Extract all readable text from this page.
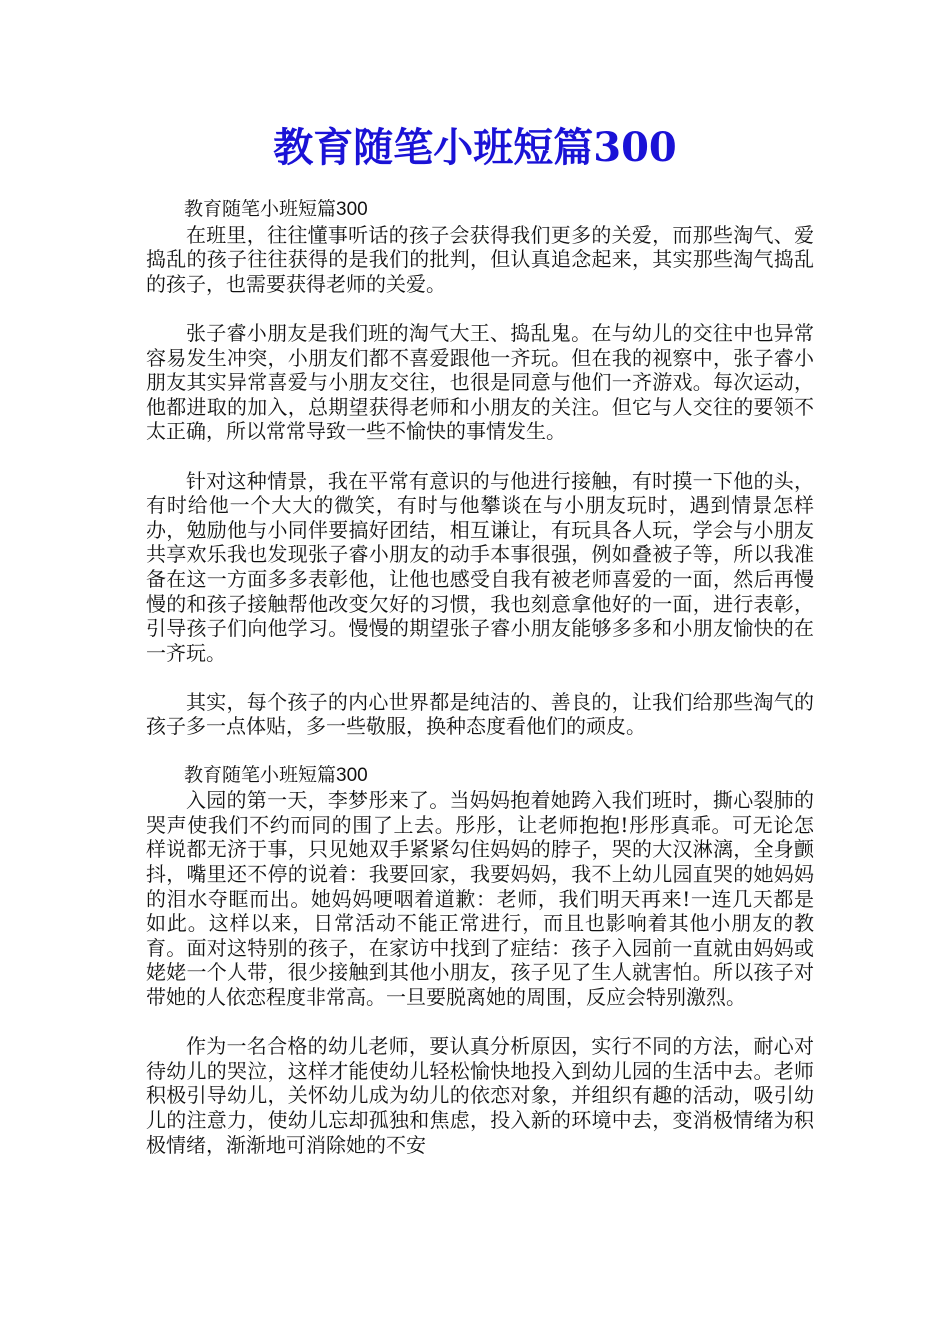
教育随笔小班短篇300
教育随笔小班短篇300

在班里，往往懂事听话的孩子会获得我们更多的关爱，而那些淘气、爱捣乱的孩子往往获得的是我们的批判，但认真追念起来，其实那些淘气捣乱的孩子，也需要获得老师的关爱。

张子睿小朋友是我们班的淘气大王、捣乱鬼。在与幼儿的交往中也异常容易发生冲突，小朋友们都不喜爱跟他一齐玩。但在我的视察中，张子睿小朋友其实异常喜爱与小朋友交往，也很是同意与他们一齐游戏。每次运动，他都进取的加入，总期望获得老师和小朋友的关注。但它与人交往的要领不太正确，所以常常导致一些不愉快的事情发生。

针对这种情景，我在平常有意识的与他进行接触，有时摸一下他的头，有时给他一个大大的微笑，有时与他攀谈在与小朋友玩时，遇到情景怎样办，勉励他与小同伴要搞好团结，相互谦让，有玩具各人玩，学会与小朋友共享欢乐我也发现张子睿小朋友的动手本事很强，例如叠被子等，所以我准备在这一方面多多表彰他，让他也感受自我有被老师喜爱的一面，然后再慢慢的和孩子接触帮他改变欠好的习惯，我也刻意拿他好的一面，进行表彰，引导孩子们向他学习。慢慢的期望张子睿小朋友能够多多和小朋友愉快的在一齐玩。

其实，每个孩子的内心世界都是纯洁的、善良的，让我们给那些淘气的孩子多一点体贴，多一些敬服，换种态度看他们的顽皮。

教育随笔小班短篇300

入园的第一天，李梦彤来了。当妈妈抱着她跨入我们班时，撕心裂肺的哭声使我们不约而同的围了上去。彤彤，让老师抱抱!彤彤真乖。可无论怎样说都无济于事，只见她双手紧紧勾住妈妈的脖子，哭的大汉淋漓，全身颤抖，嘴里还不停的说着：我要回家，我要妈妈，我不上幼儿园直哭的她妈妈的泪水夺眶而出。她妈妈哽咽着道歉：老师，我们明天再来!一连几天都是如此。这样以来，日常活动不能正常进行，而且也影响着其他小朋友的教育。面对这特别的孩子，在家访中找到了症结：孩子入园前一直就由妈妈或姥姥一个人带，很少接触到其他小朋友，孩子见了生人就害怕。所以孩子对带她的人依恋程度非常高。一旦要脱离她的周围，反应会特别激烈。

作为一名合格的幼儿老师，要认真分析原因，实行不同的方法，耐心对待幼儿的哭泣，这样才能使幼儿轻松愉快地投入到幼儿园的生活中去。老师积极引导幼儿，关怀幼儿成为幼儿的依恋对象，并组织有趣的活动，吸引幼儿的注意力，使幼儿忘却孤独和焦虑，投入新的环境中去，变消极情绪为积极情绪，渐渐地可消除她的不安
